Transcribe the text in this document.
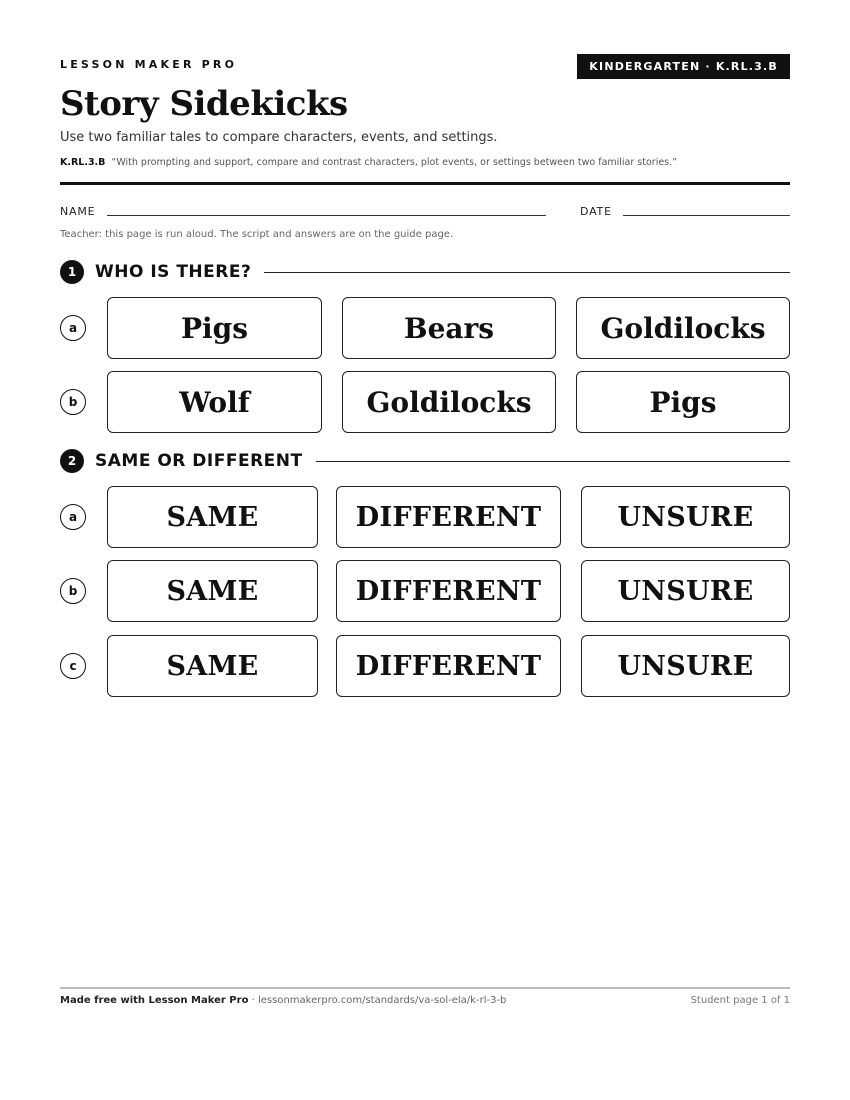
LESSON MAKER PRO	KINDERGARTEN · K.RL.3.B
Story Sidekicks

Use two familiar tales to compare characters, events, and settings.

K.RL.3.B “With prompting and support, compare and contrast characters, plot events, or settings between two familiar stories.”

NAME	DATE

Teacher: this page is run aloud. The script and answers are on the guide page.

1	WHO IS THERE?
a	Pigs	Bears	Goldilocks
b	Wolf	Goldilocks	Pigs
2	SAME OR DIFFERENT
a	SAME	DIFFERENT	UNSURE
b	SAME	DIFFERENT	UNSURE
c	SAME	DIFFERENT	UNSURE

Made free with Lesson Maker Pro · lessonmakerpro.com/standards/va-sol-ela/k-rl-3-b	Student page 1 of 1
